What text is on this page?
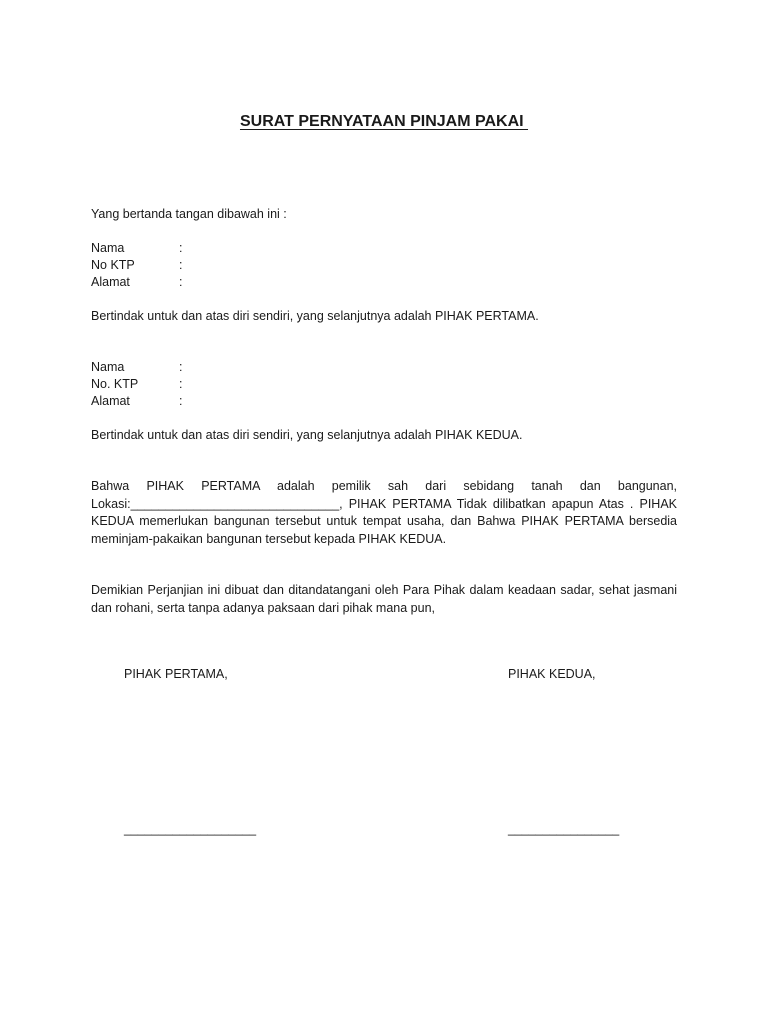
SURAT PERNYATAAN PINJAM PAKAI
Yang bertanda tangan dibawah ini :
Nama	:
No KTP	:
Alamat	:
Bertindak untuk dan atas diri sendiri, yang selanjutnya adalah PIHAK PERTAMA.
Nama	:
No. KTP	:
Alamat	:
Bertindak untuk dan atas diri sendiri, yang selanjutnya adalah PIHAK KEDUA.
Bahwa PIHAK PERTAMA adalah pemilik sah dari sebidang tanah dan bangunan, Lokasi:______________________________, PIHAK PERTAMA Tidak dilibatkan apapun Atas . PIHAK KEDUA memerlukan bangunan tersebut untuk tempat usaha, dan Bahwa PIHAK PERTAMA bersedia meminjam-pakaikan bangunan tersebut kepada PIHAK KEDUA.
Demikian Perjanjian ini dibuat dan ditandatangani oleh Para Pihak dalam keadaan sadar, sehat jasmani dan rohani, serta tanpa adanya paksaan dari pihak mana pun,
PIHAK PERTAMA,	PIHAK KEDUA,
___________________	________________
